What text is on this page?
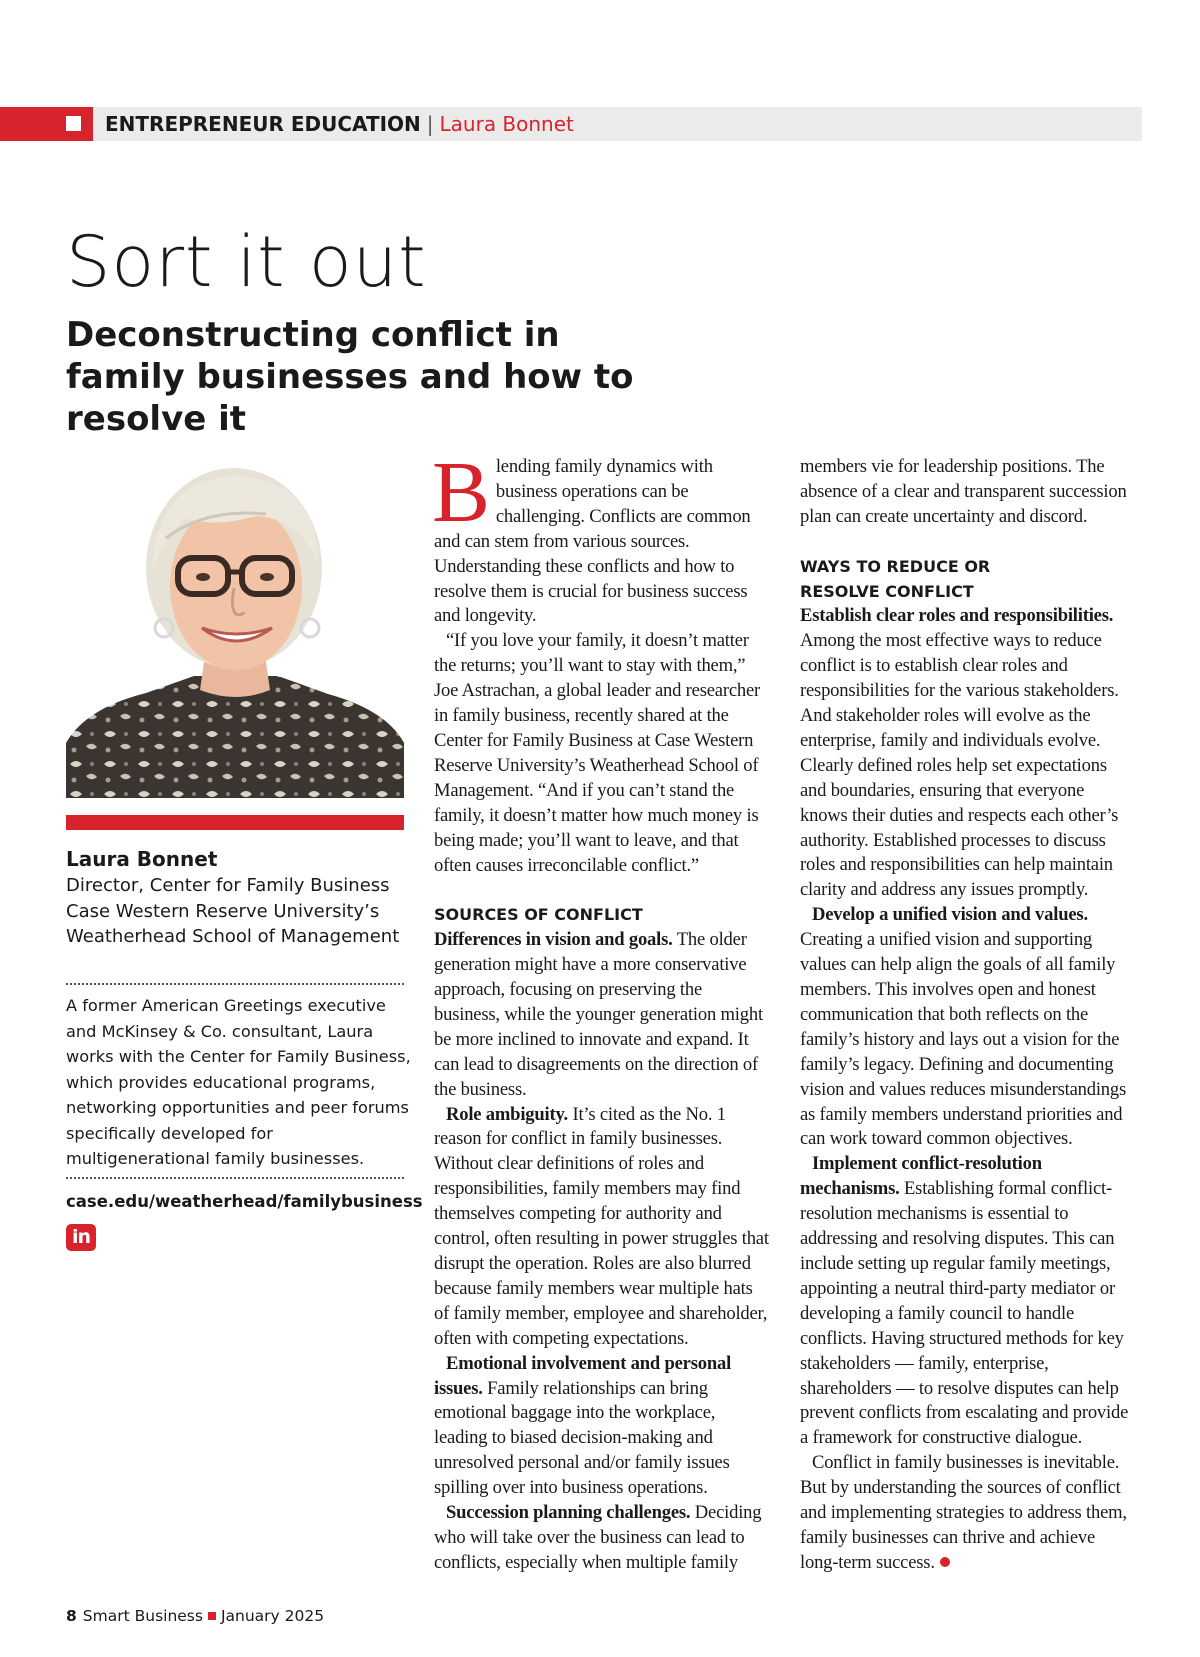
ENTREPRENEUR EDUCATION | Laura Bonnet
Sort it out
Deconstructing conflict in family businesses and how to resolve it
Laura Bonnet
Director, Center for Family Business Case Western Reserve University’s Weatherhead School of Management
A former American Greetings executive and McKinsey & Co. consultant, Laura works with the Center for Family Business, which provides educational programs, networking opportunities and peer forums specifically developed for multigenerational family businesses.
case.edu/weatherhead/familybusiness
in

Blending family dynamics with business operations can be challenging. Conflicts are common and can stem from various sources. Understanding these conflicts and how to resolve them is crucial for business success and longevity.

“If you love your family, it doesn’t matter the returns; you’ll want to stay with them,” Joe Astrachan, a global leader and researcher in family business, recently shared at the Center for Family Business at Case Western Reserve University’s Weatherhead School of Management. “And if you can’t stand the family, it doesn’t matter how much money is being made; you’ll want to leave, and that often causes irreconcilable conflict.”

SOURCES OF CONFLICT

Differences in vision and goals. The older generation might have a more conservative approach, focusing on preserving the business, while the younger generation might be more inclined to innovate and expand. It can lead to disagreements on the direction of the business.

Role ambiguity. It’s cited as the No. 1 reason for conflict in family businesses. Without clear definitions of roles and responsibilities, family members may find themselves competing for authority and control, often resulting in power struggles that disrupt the operation. Roles are also blurred because family members wear multiple hats of family member, employee and shareholder, often with competing expectations.

Emotional involvement and personal issues. Family relationships can bring emotional baggage into the workplace, leading to biased decision-making and unresolved personal and/or family issues spilling over into business operations.

Succession planning challenges. Deciding who will take over the business can lead to conflicts, especially when multiple family

members vie for leadership positions. The absence of a clear and transparent succession plan can create uncertainty and discord.

WAYS TO REDUCE OR
RESOLVE CONFLICT

Establish clear roles and responsibilities. Among the most effective ways to reduce conflict is to establish clear roles and responsibilities for the various stakeholders. And stakeholder roles will evolve as the enterprise, family and individuals evolve. Clearly defined roles help set expectations and boundaries, ensuring that everyone knows their duties and respects each other’s authority. Established processes to discuss roles and responsibilities can help maintain clarity and address any issues promptly.

Develop a unified vision and values. Creating a unified vision and supporting values can help align the goals of all family members. This involves open and honest communication that both reflects on the family’s history and lays out a vision for the family’s legacy. Defining and documenting vision and values reduces misunderstandings as family members understand priorities and can work toward common objectives.

Implement conflict-resolution mechanisms. Establishing formal conflict-resolution mechanisms is essential to addressing and resolving disputes. This can include setting up regular family meetings, appointing a neutral third-party mediator or developing a family council to handle conflicts. Having structured methods for key stakeholders — family, enterprise, shareholders — to resolve disputes can help prevent conflicts from escalating and provide a framework for constructive dialogue.

Conflict in family businesses is inevitable. But by understanding the sources of conflict and implementing strategies to address them, family businesses can thrive and achieve long-term success.

8 Smart Business January 2025
